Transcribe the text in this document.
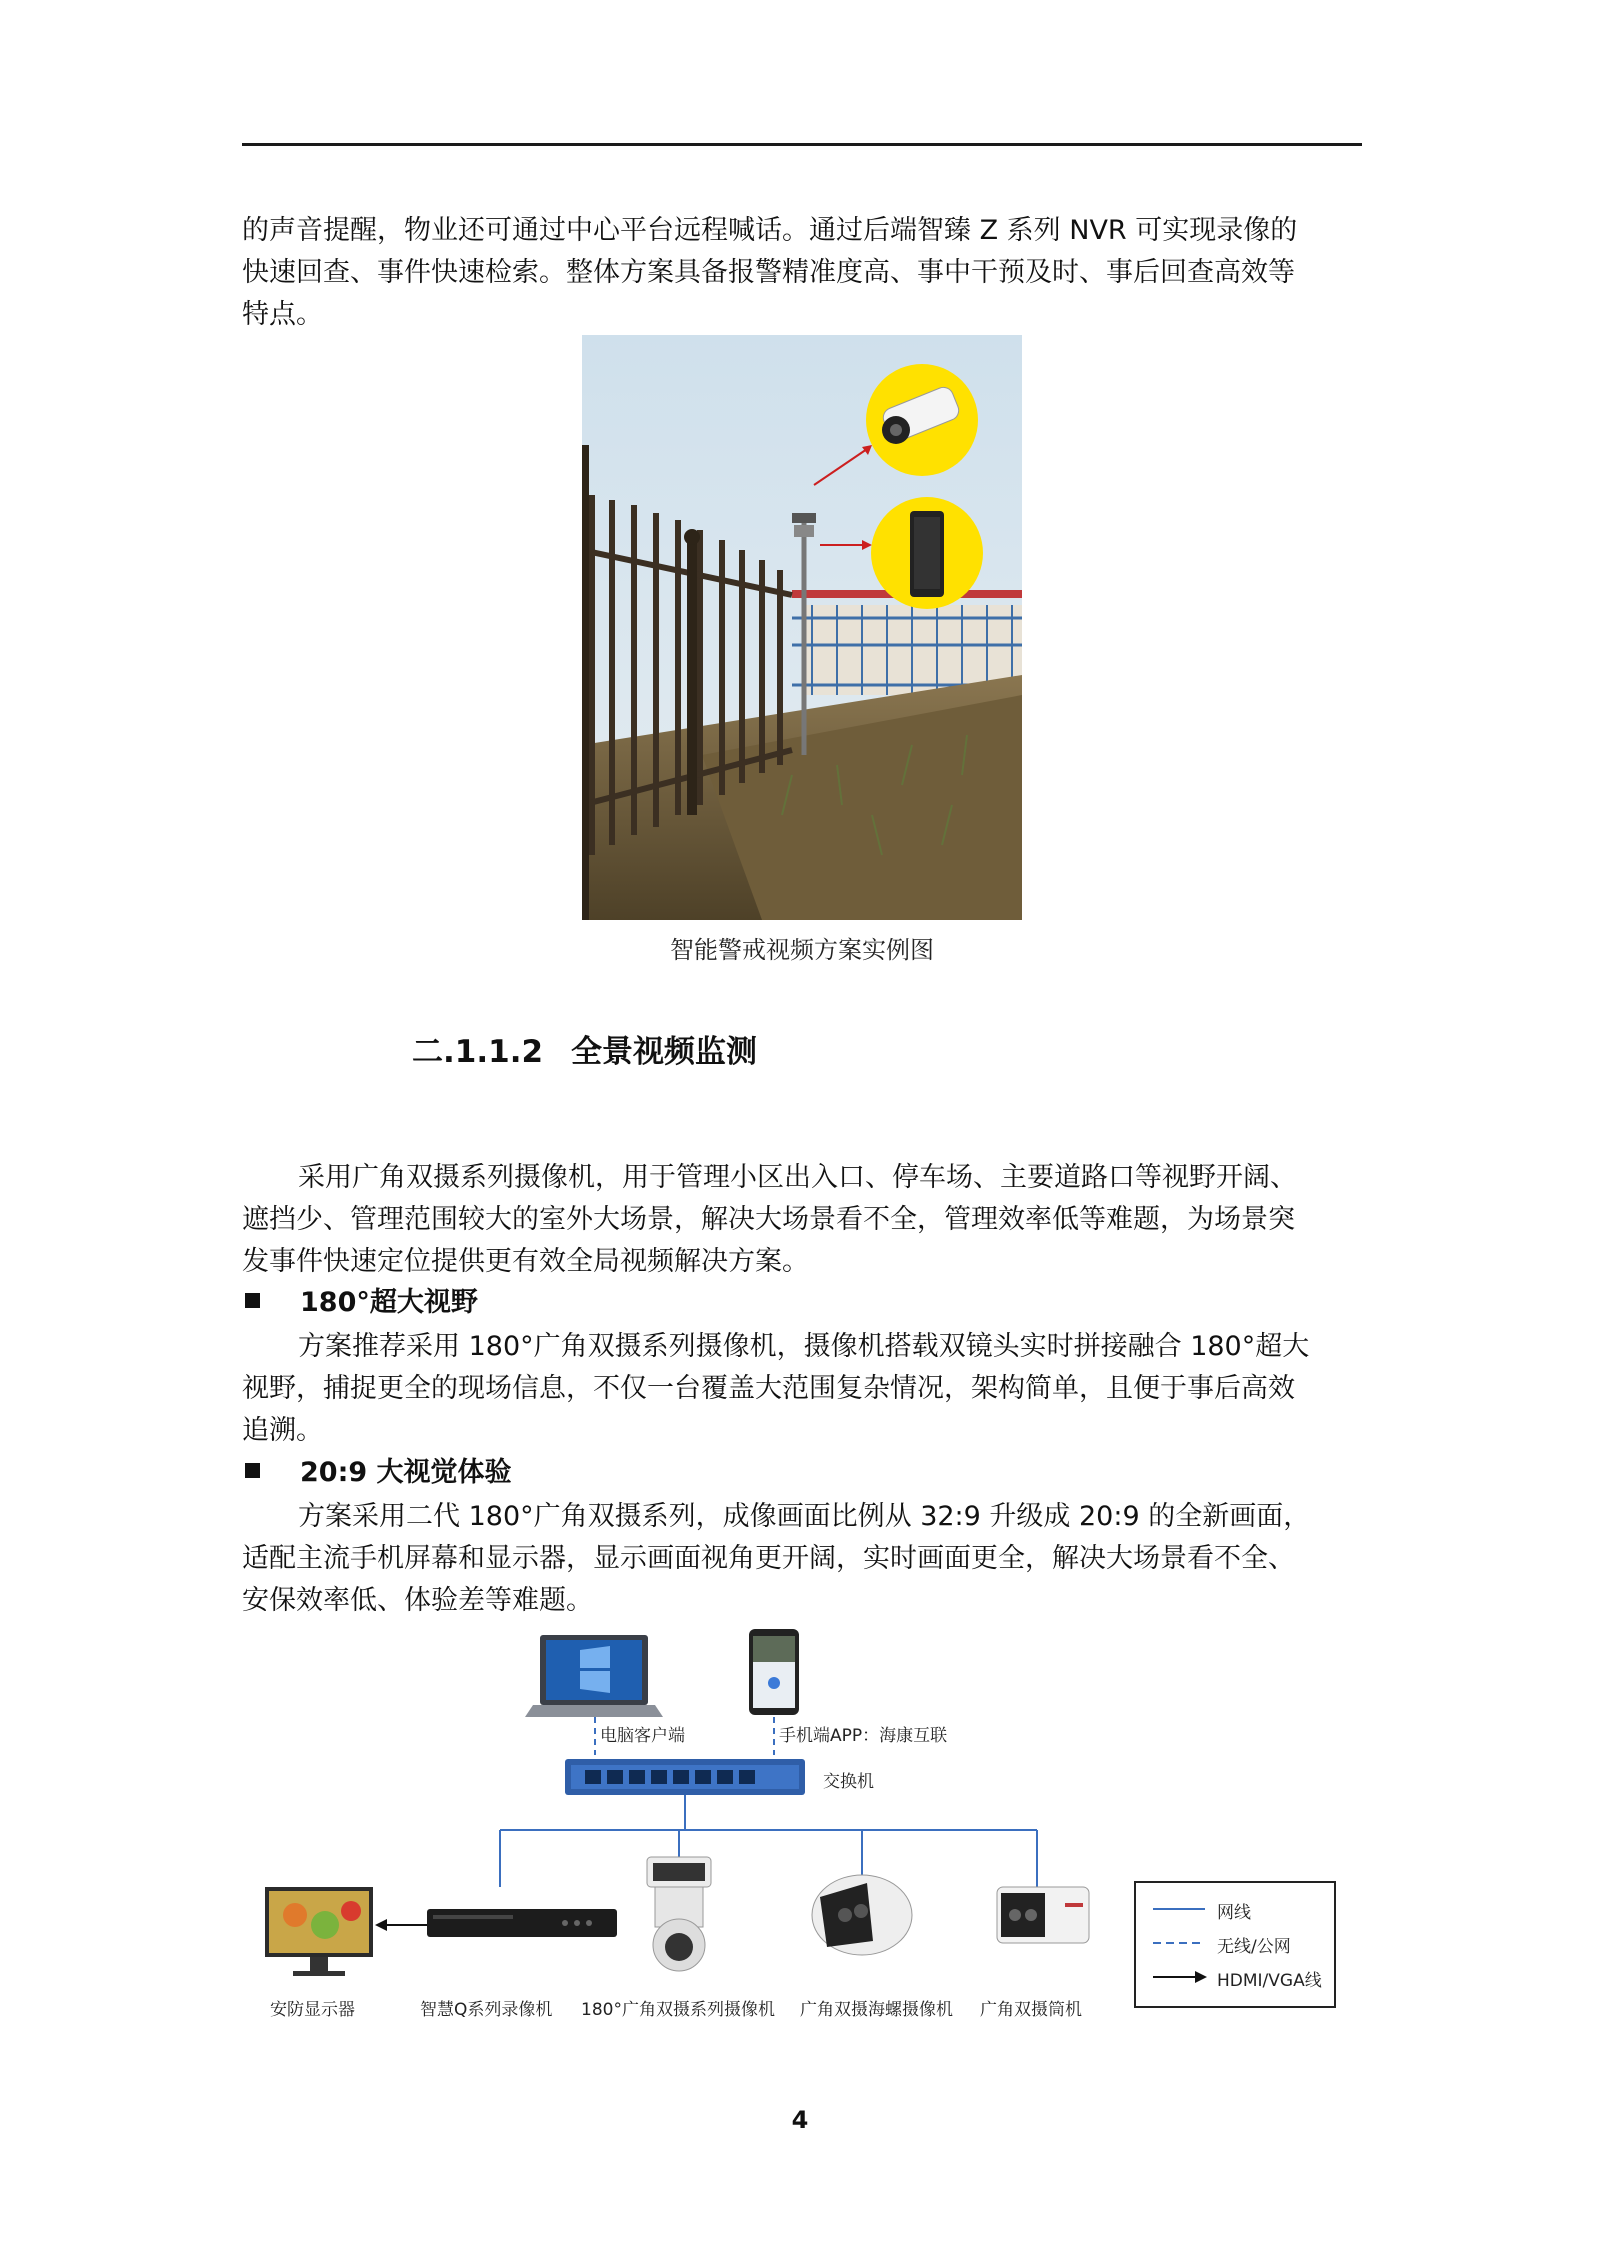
的声音提醒，物业还可通过中心平台远程喊话。通过后端智臻 Z 系列 NVR 可实现录像的
快速回查、事件快速检索。整体方案具备报警精准度高、事中干预及时、事后回查高效等
特点。

智能警戒视频方案实例图
二.1.1.2 全景视频监测

采用广角双摄系列摄像机，用于管理小区出入口、停车场、主要道路口等视野开阔、
遮挡少、管理范围较大的室外大场景，解决大场景看不全，管理效率低等难题，为场景突
发事件快速定位提供更有效全局视频解决方案。

180°超大视野

方案推荐采用 180°广角双摄系列摄像机，摄像机搭载双镜头实时拼接融合 180°超大
视野，捕捉更全的现场信息，不仅一台覆盖大范围复杂情况，架构简单，且便于事后高效
追溯。

20:9 大视觉体验

方案采用二代 180°广角双摄系列，成像画面比例从 32:9 升级成 20:9 的全新画面，
适配主流手机屏幕和显示器，显示画面视角更开阔，实时画面更全，解决大场景看不全、
安保效率低、体验差等难题。

电脑客户端	手机端APP：海康互联
交换机
安防显示器	智慧Q系列录像机 180°广角双摄系列摄像机 广角双摄海螺摄像机 广角双摄筒机
网线
无线/公网
HDMI/VGA线
4
